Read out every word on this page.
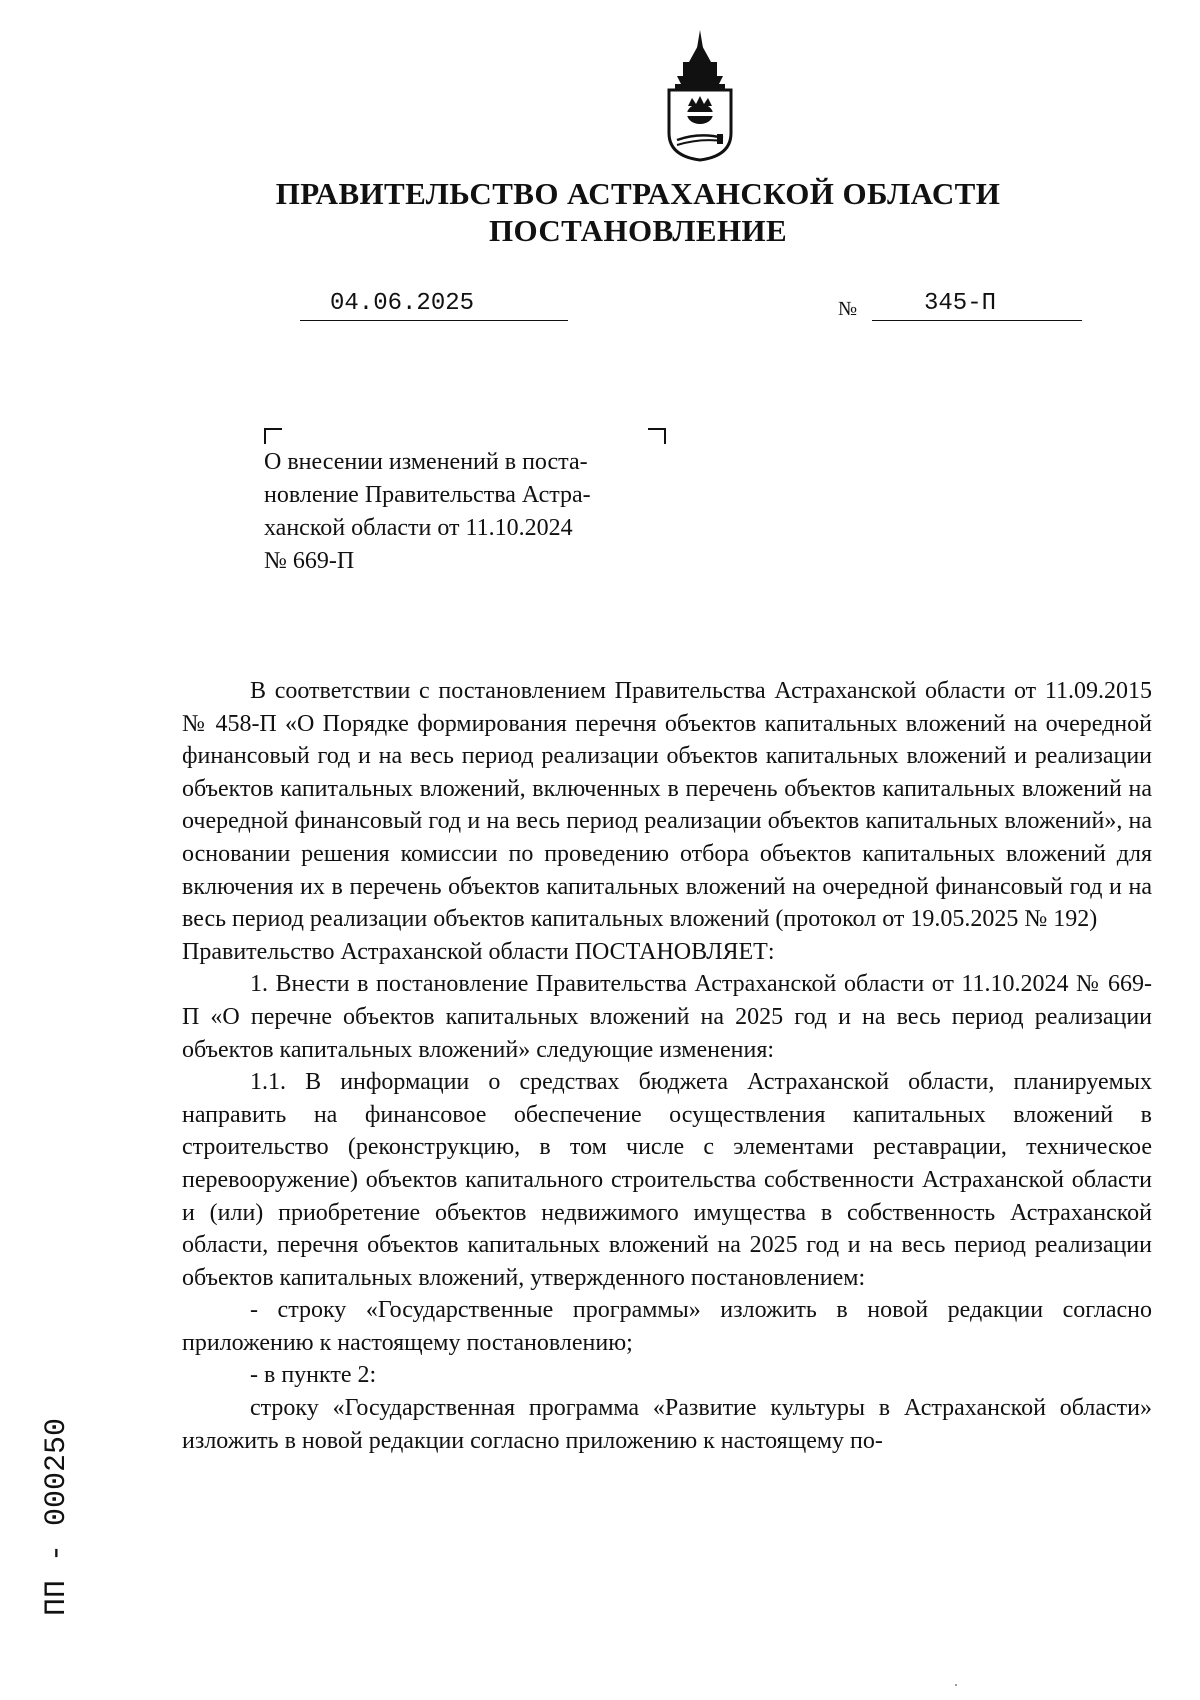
ПРАВИТЕЛЬСТВО АСТРАХАНСКОЙ ОБЛАСТИ
ПОСТАНОВЛЕНИЕ
04.06.2025	№	345-П

О внесении изменений в поста-

новление Правительства Астра-

ханской области от 11.10.2024

№ 669-П

В соответствии с постановлением Правительства Астраханской области от 11.09.2015 № 458-П «О Порядке формирования перечня объектов капитальных вложений на очередной финансовый год и на весь период реализации объектов капитальных вложений и реализации объектов капитальных вложений, включенных в перечень объектов капитальных вложений на очередной финансовый год и на весь период реализации объектов капитальных вложений», на основании решения комиссии по проведению отбора объектов капитальных вложений для включения их в перечень объектов капитальных вложений на очередной финансовый год и на весь период реализации объектов капитальных вложений (протокол от 19.05.2025 № 192)

Правительство Астраханской области ПОСТАНОВЛЯЕТ:

1. Внести в постановление Правительства Астраханской области от 11.10.2024 № 669-П «О перечне объектов капитальных вложений на 2025 год и на весь период реализации объектов капитальных вложений» следующие изменения:

1.1. В информации о средствах бюджета Астраханской области, планируемых направить на финансовое обеспечение осуществления капитальных вложений в строительство (реконструкцию, в том числе с элементами реставрации, техническое перевооружение) объектов капитального строительства собственности Астраханской области и (или) приобретение объектов недвижимого имущества в собственность Астраханской области, перечня объектов капитальных вложений на 2025 год и на весь период реализации объектов капитальных вложений, утвержденного постановлением:

- строку «Государственные программы» изложить в новой редакции согласно приложению к настоящему постановлению;

- в пункте 2:

строку «Государственная программа «Развитие культуры в Астраханской области» изложить в новой редакции согласно приложению к настоящему по-

ПП - 000250
